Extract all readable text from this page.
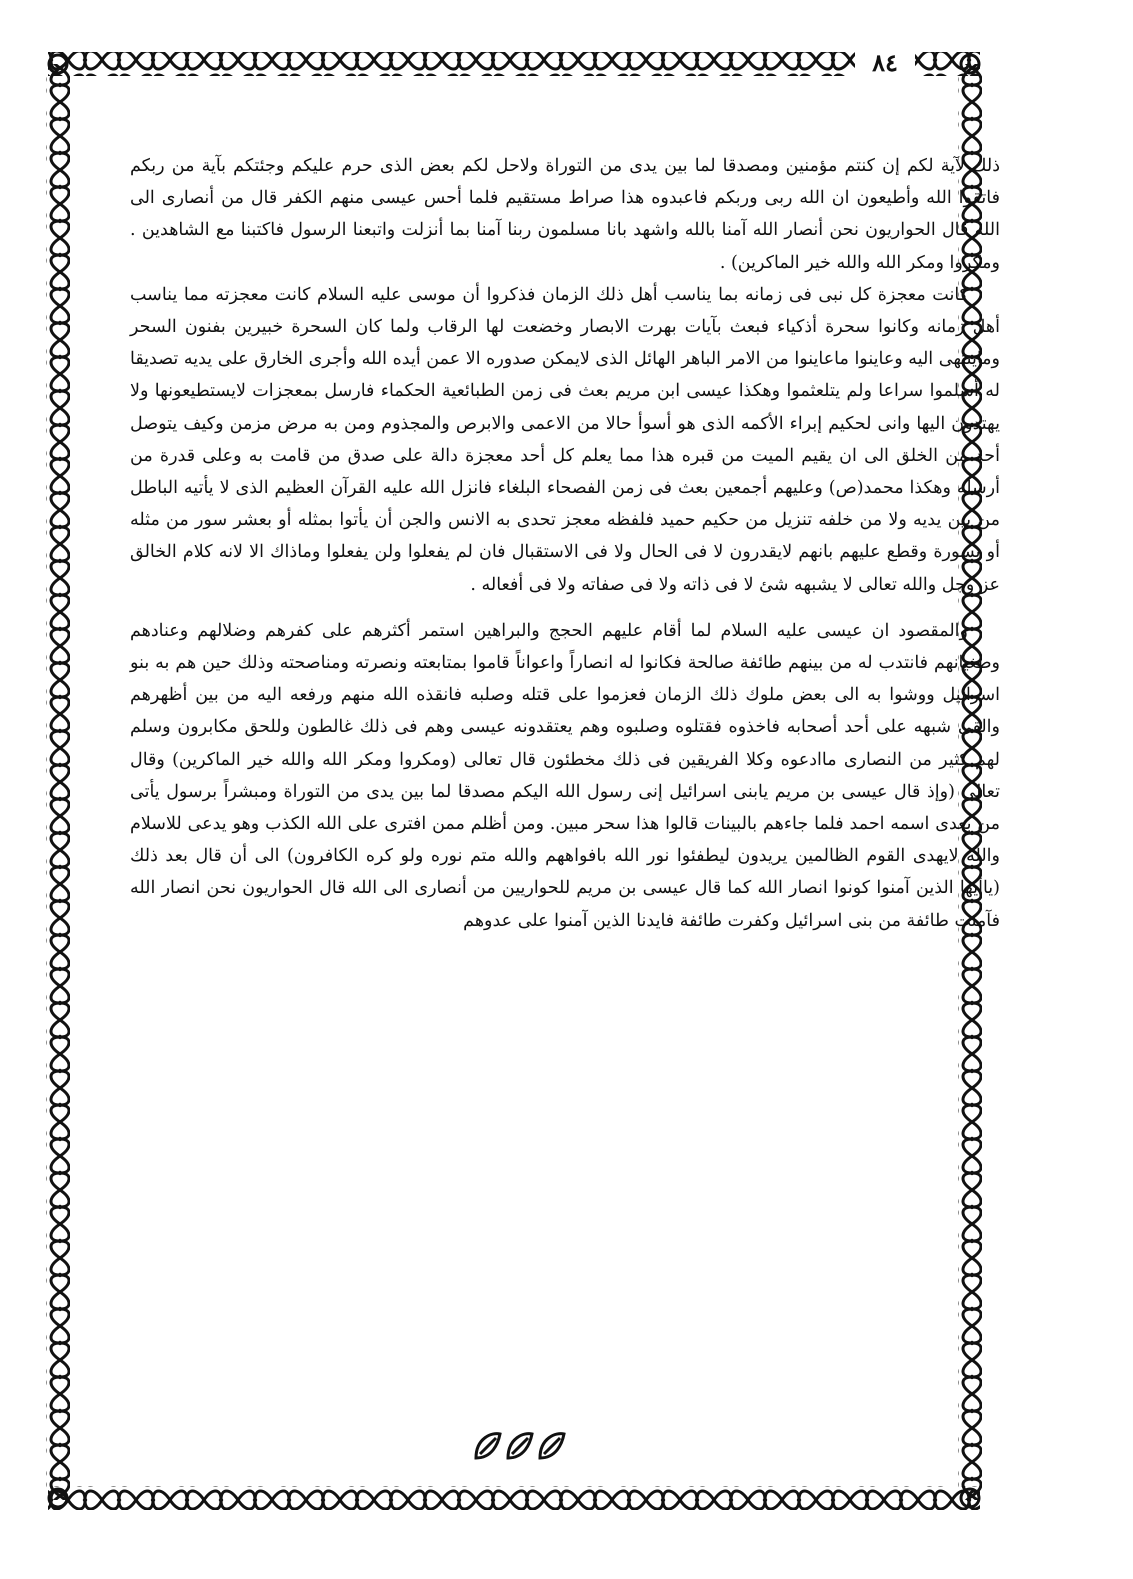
٨٤

ذلك لآية لكم إن كنتم مؤمنين ومصدقا لما بين يدى من التوراة ولاحل لكم بعض الذى حرم عليكم وجئتكم بآية من ربكم فاتقوا الله وأطيعون ان الله ربى وربكم فاعبدوه هذا صراط مستقيم فلما أحس عيسى منهم الكفر قال من أنصارى الى الله قال الحواريون نحن أنصار الله آمنا بالله واشهد بانا مسلمون ربنا آمنا بما أنزلت واتبعنا الرسول فاكتبنا مع الشاهدين . ومكروا ومكر الله والله خير الماكرين) .

كانت معجزة كل نبى فى زمانه بما يناسب أهل ذلك الزمان فذكروا أن موسى عليه السلام كانت معجزته مما يناسب أهل زمانه وكانوا سحرة أذكياء فبعث بآيات بهرت الابصار وخضعت لها الرقاب ولما كان السحرة خبيرين بفنون السحر وماينتهى اليه وعاينوا ماعاينوا من الامر الباهر الهائل الذى لايمكن صدوره الا عمن أيده الله وأجرى الخارق على يديه تصديقا له أسلموا سراعا ولم يتلعثموا وهكذا عيسى ابن مريم بعث فى زمن الطبائعية الحكماء فارسل بمعجزات لايستطيعونها ولا يهتدون اليها وانى لحكيم إبراء الأكمه الذى هو أسوأ حالا من الاعمى والابرص والمجذوم ومن به مرض مزمن وكيف يتوصل أحد من الخلق الى ان يقيم الميت من قبره هذا مما يعلم كل أحد معجزة دالة على صدق من قامت به وعلى قدرة من أرسله وهكذا محمد(ص) وعليهم أجمعين بعث فى زمن الفصحاء البلغاء فانزل الله عليه القرآن العظيم الذى لا يأتيه الباطل من بين يديه ولا من خلفه تنزيل من حكيم حميد فلفظه معجز تحدى به الانس والجن أن يأتوا بمثله أو بعشر سور من مثله أو بسورة وقطع عليهم بانهم لايقدرون لا فى الحال ولا فى الاستقبال فان لم يفعلوا ولن يفعلوا وماذاك الا لانه كلام الخالق عز وجل والله تعالى لا يشبهه شئ لا فى ذاته ولا فى صفاته ولا فى أفعاله .

والمقصود ان عيسى عليه السلام لما أقام عليهم الحجج والبراهين استمر أكثرهم على كفرهم وضلالهم وعنادهم وطغيانهم فانتدب له من بينهم طائفة صالحة فكانوا له انصاراً واعواناً قاموا بمتابعته ونصرته ومناصحته وذلك حين هم به بنو اسرائيل ووشوا به الى بعض ملوك ذلك الزمان فعزموا على قتله وصلبه فانقذه الله منهم ورفعه اليه من بين أظهرهم والقى شبهه على أحد أصحابه فاخذوه فقتلوه وصلبوه وهم يعتقدونه عيسى وهم فى ذلك غالطون وللحق مكابرون وسلم لهم كثير من النصارى ماادعوه وكلا الفريقين فى ذلك مخطئون قال تعالى (ومكروا ومكر الله والله خير الماكرين) وقال تعالى (وإذ قال عيسى بن مريم يابنى اسرائيل إنى رسول الله اليكم مصدقا لما بين يدى من التوراة ومبشراً برسول يأتى من بعدى اسمه احمد فلما جاءهم بالبينات قالوا هذا سحر مبين. ومن أظلم ممن افترى على الله الكذب وهو يدعى للاسلام والله لايهدى القوم الظالمين يريدون ليطفئوا نور الله بافواههم والله متم نوره ولو كره الكافرون) الى أن قال بعد ذلك (ياأيها الذين آمنوا كونوا انصار الله كما قال عيسى بن مريم للحواريين من أنصارى الى الله قال الحواريون نحن انصار الله فآمنت طائفة من بنى اسرائيل وكفرت طائفة فايدنا الذين آمنوا على عدوهم
